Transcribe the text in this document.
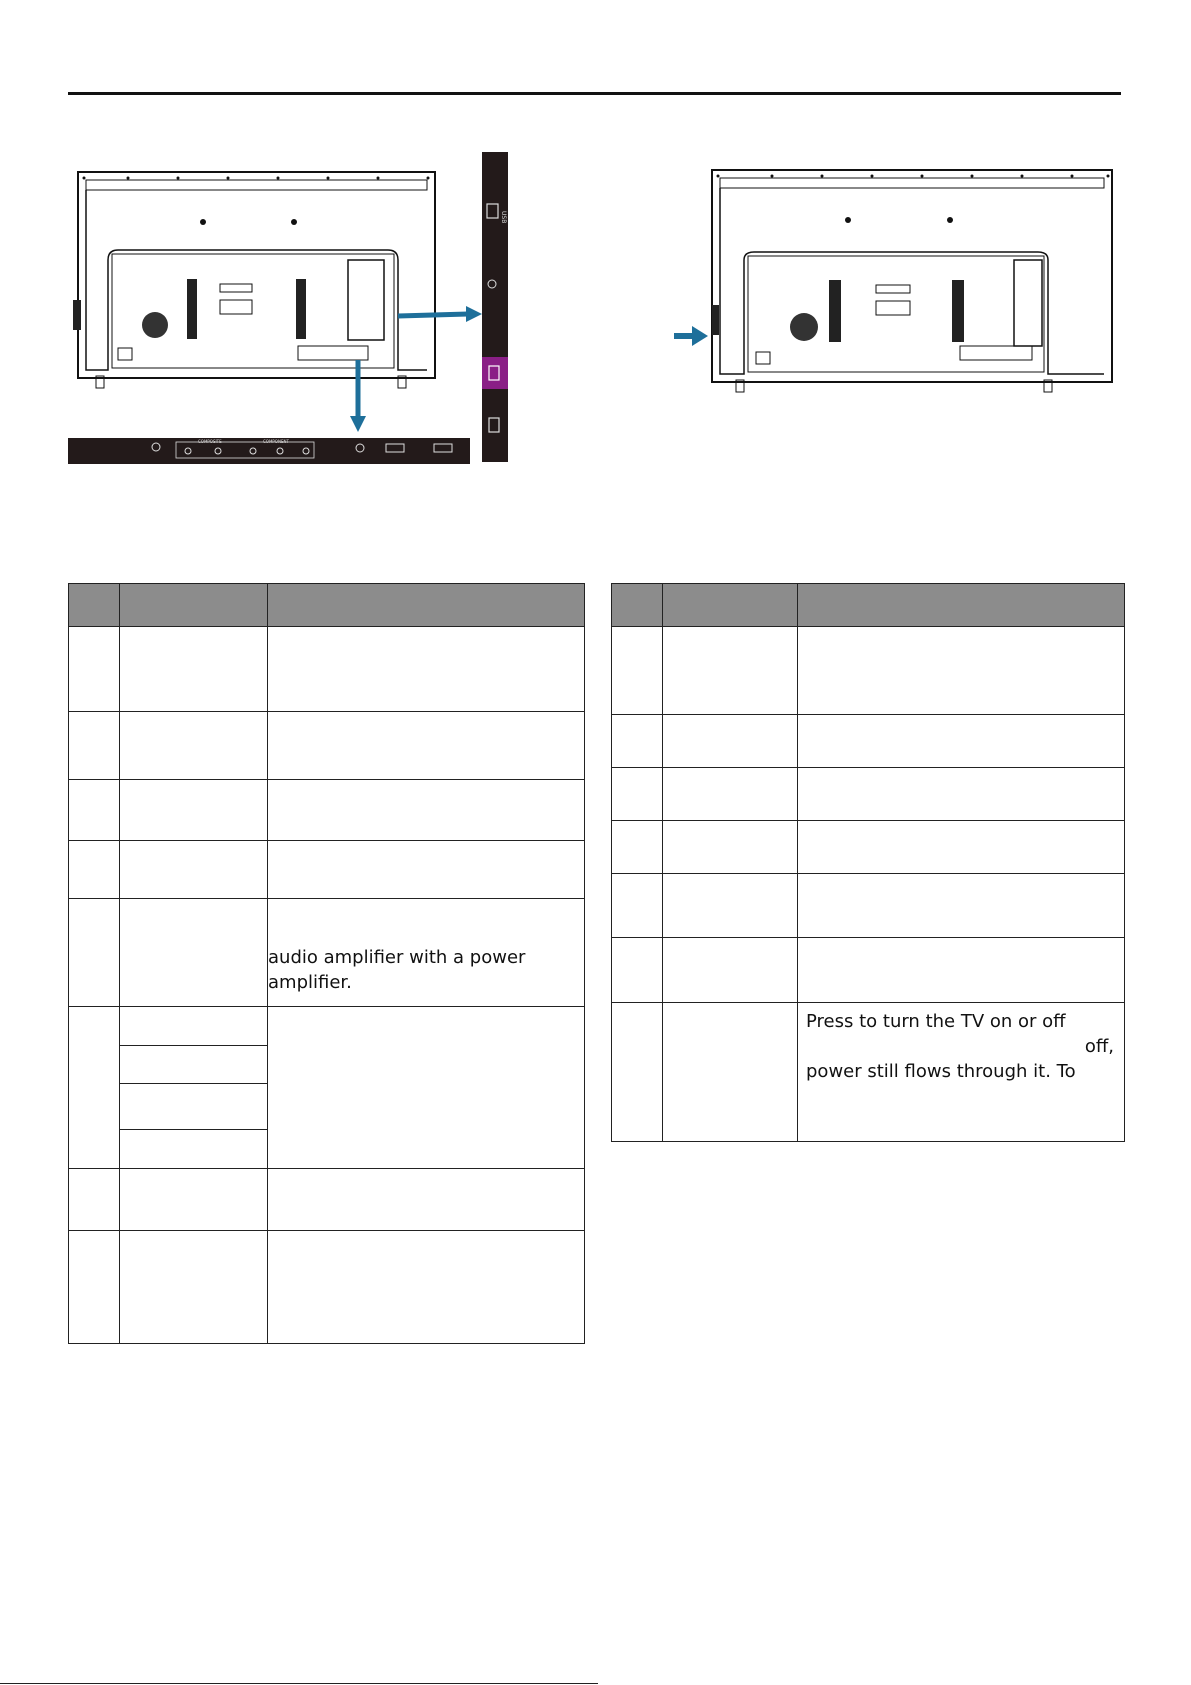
USB
COMPOSITE	COMPONENT

		audio amplifier with a power
amplifier.

		Press to turn the TV on or off
off,
power still flows through it. To
